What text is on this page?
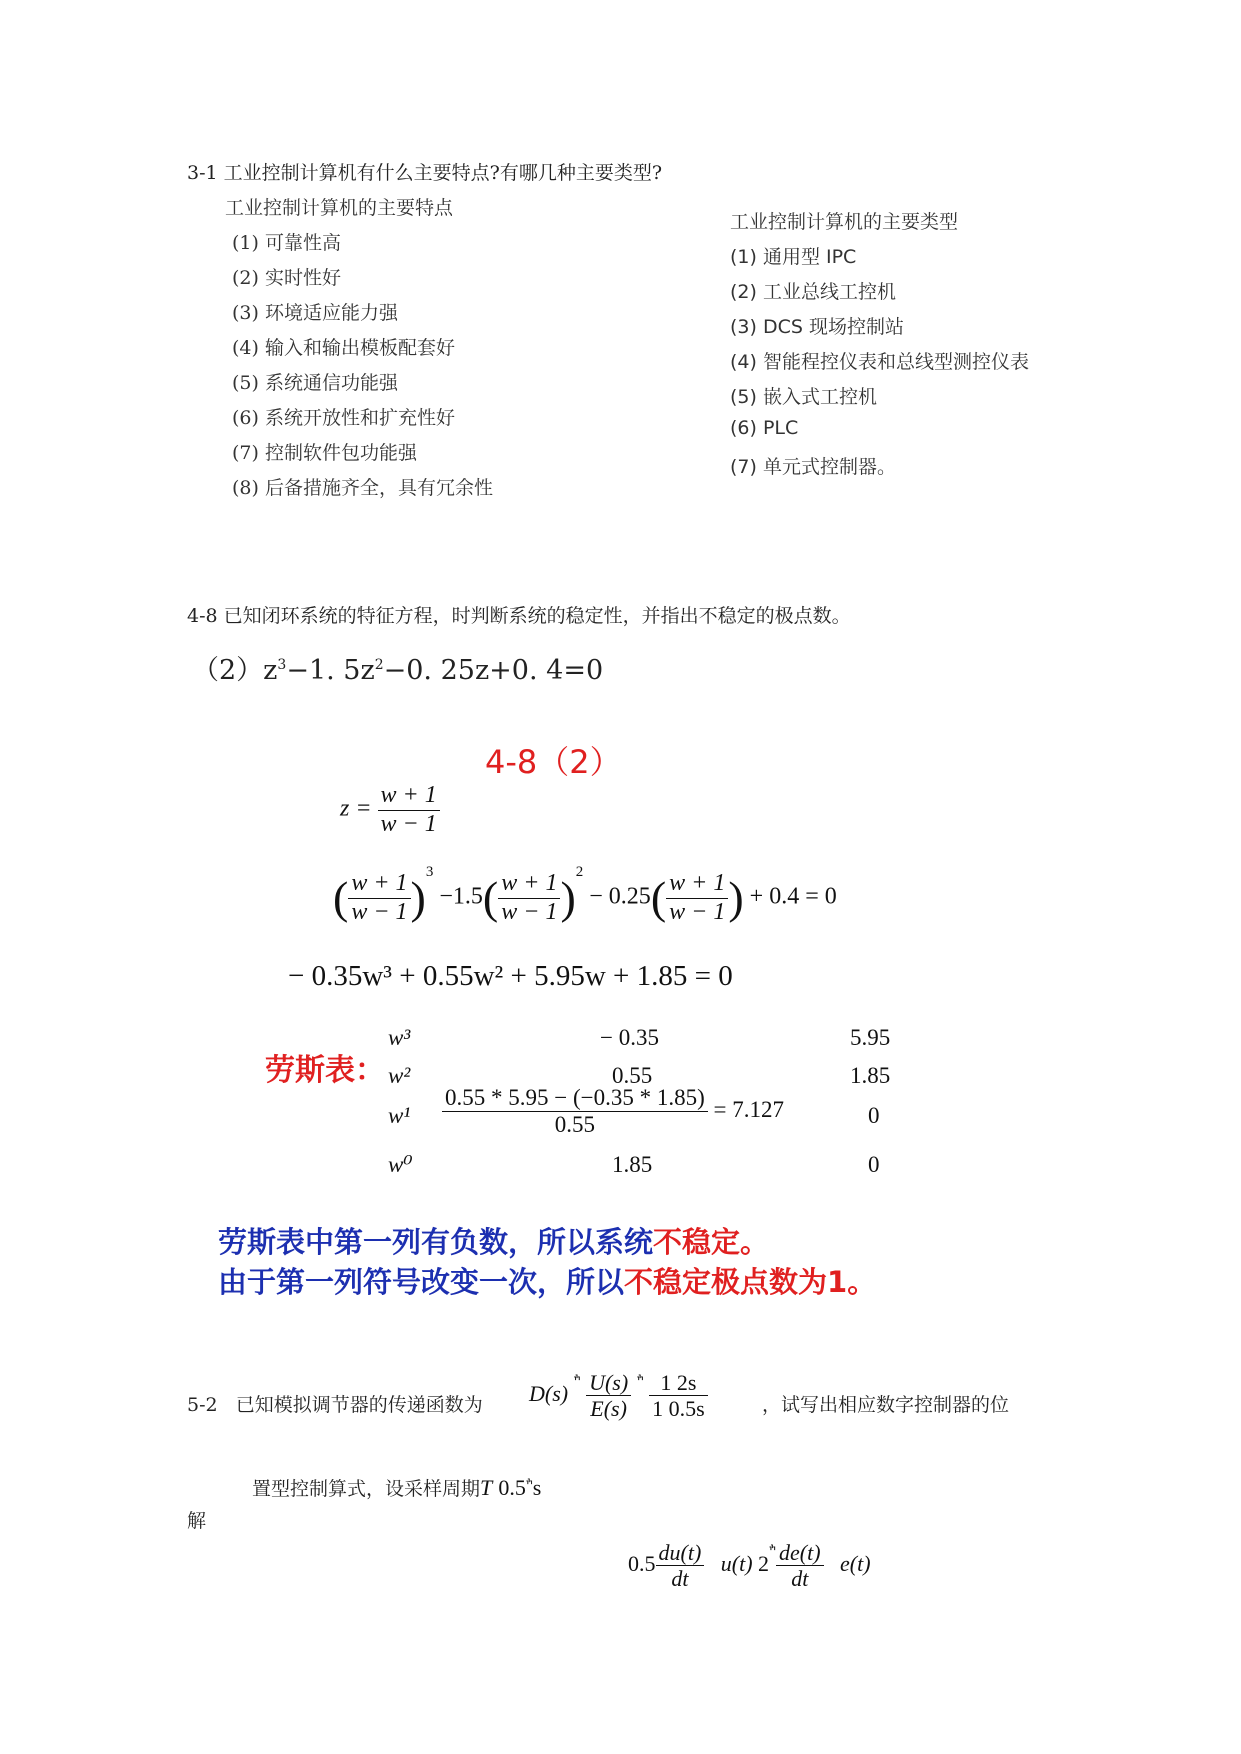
3-1 工业控制计算机有什么主要特点?有哪几种主要类型?
工业控制计算机的主要特点
(1) 可靠性高
(2) 实时性好
(3) 环境适应能力强
(4) 输入和输出模板配套好
(5) 系统通信功能强
(6) 系统开放性和扩充性好
(7) 控制软件包功能强
(8) 后备措施齐全，具有冗余性
工业控制计算机的主要类型
(1) 通用型 IPC
(2) 工业总线工控机
(3) DCS 现场控制站
(4) 智能程控仪表和总线型测控仪表
(5) 嵌入式工控机
(6) PLC
(7) 单元式控制器。
4-8 已知闭环系统的特征方程，时判断系统的稳定性，并指出不稳定的极点数。
$(2)z^3-1$. $5z^2-0$. 25z+0. 4=0
4-8（2）
$z = \frac{w + 1}{w - 1}$
( $\frac{w + 1}{w - 1} )^3 -1.5( \frac{w + 1}{w - 1} )^2 - 0.25( \frac{w + 1}{w - 1}$ ) + 0.4 = 0
− 0.35w³ + 0.55w² + 5.95w + 1.85 = 0
劳斯表：
w³	− 0.35	5.95
w²	0.55	1.85
$w^1 \frac{0.55 * 5.95 - (-0.35 * 1.85)}{0.55} = 7.127$	0
w⁰	1.85	0
劳斯表中第一列有负数，所以系统不稳定。
由于第一列符号改变一次，所以不稳定极点数为1。
5-2 已知模拟调节器的传递函数为 D(s) $^ׯ$
$\frac{U(s)}{E(s)}$
$^ׯ$	$\frac{1 2s}{1 0.5s}$	，试写出相应数字控制器的位
置型控制算式，设采样周期T	$^ׯ$0.5s
解
$0.5 \frac{du(t)}{dt} u(t)$ $^ׯ2 \frac{de(t)}{dt} e(t)$
